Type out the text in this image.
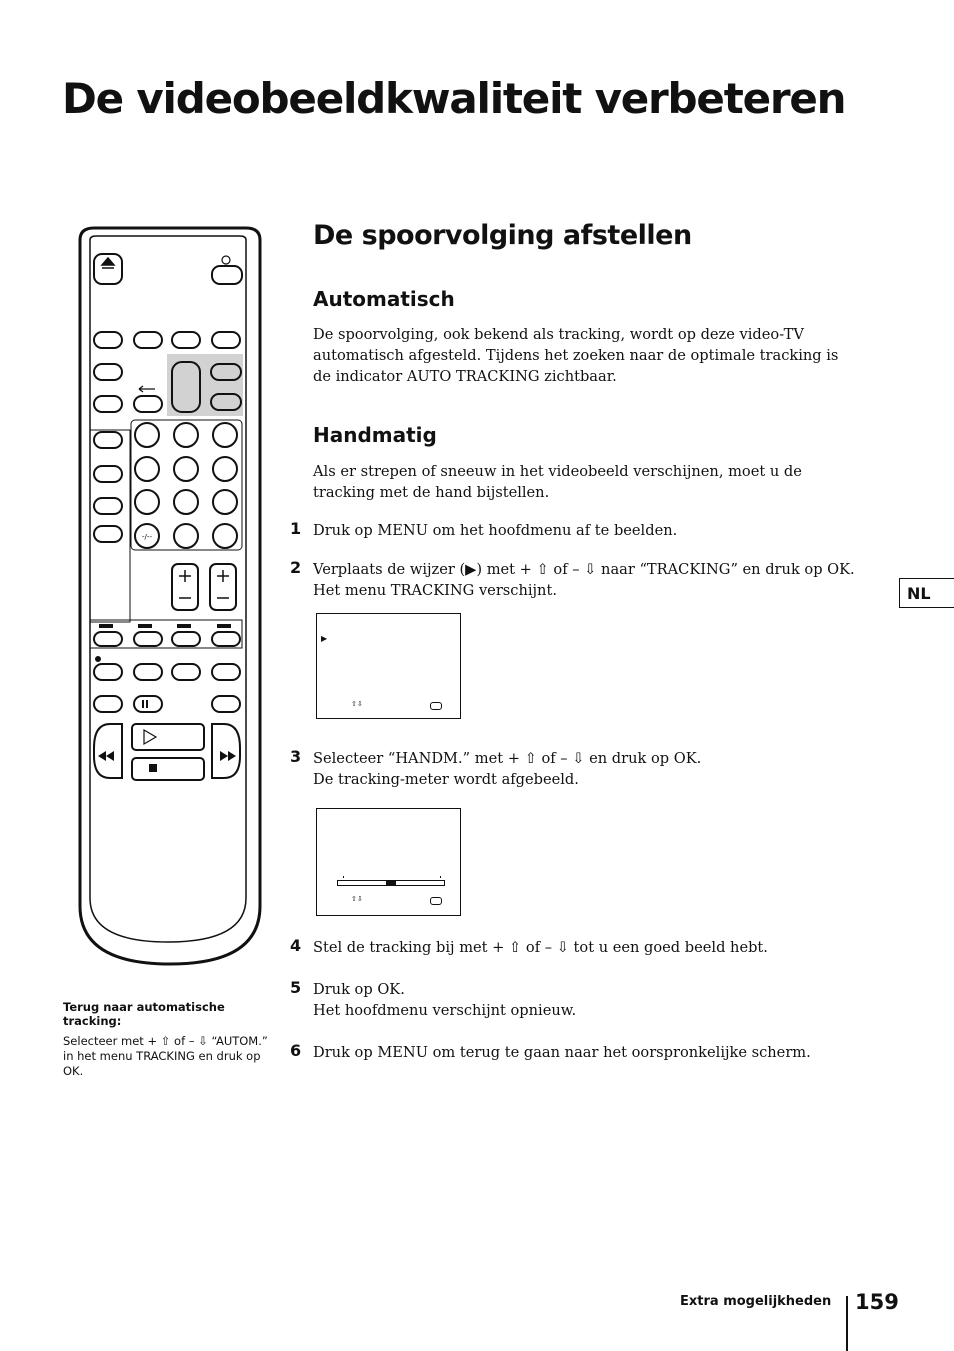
De videobeeldkwaliteit verbeteren
-/--
De spoorvolging afstellen
Automatisch

De spoorvolging, ook bekend als tracking, wordt op deze video-TV automatisch afgesteld. Tijdens het zoeken naar de optimale tracking is de indicator AUTO TRACKING zichtbaar.

Handmatig

Als er strepen of sneeuw in het videobeeld verschijnen, moet u de tracking met de hand bijstellen.

1 Druk op MENU om het hoofdmenu af te beelden.
2 Verplaats de wijzer (▶) met + ⇧ of – ⇩ naar “TRACKING” en druk op OK.
Het menu TRACKING verschijnt.
▶
⇧⇩
3 Selecteer “HANDM.” met + ⇧ of – ⇩ en druk op OK.
De tracking-meter wordt afgebeeld.
⇧⇩
4 Stel de tracking bij met + ⇧ of – ⇩ tot u een goed beeld hebt.
5 Druk op OK.
Het hoofdmenu verschijnt opnieuw.
6 Druk op MENU om terug te gaan naar het oorspronkelijke scherm.
NL
Terug naar automatische tracking:
Selecteer met + ⇧ of – ⇩ “AUTOM.” in het menu TRACKING en druk op OK.
Extra mogelijkheden 159
